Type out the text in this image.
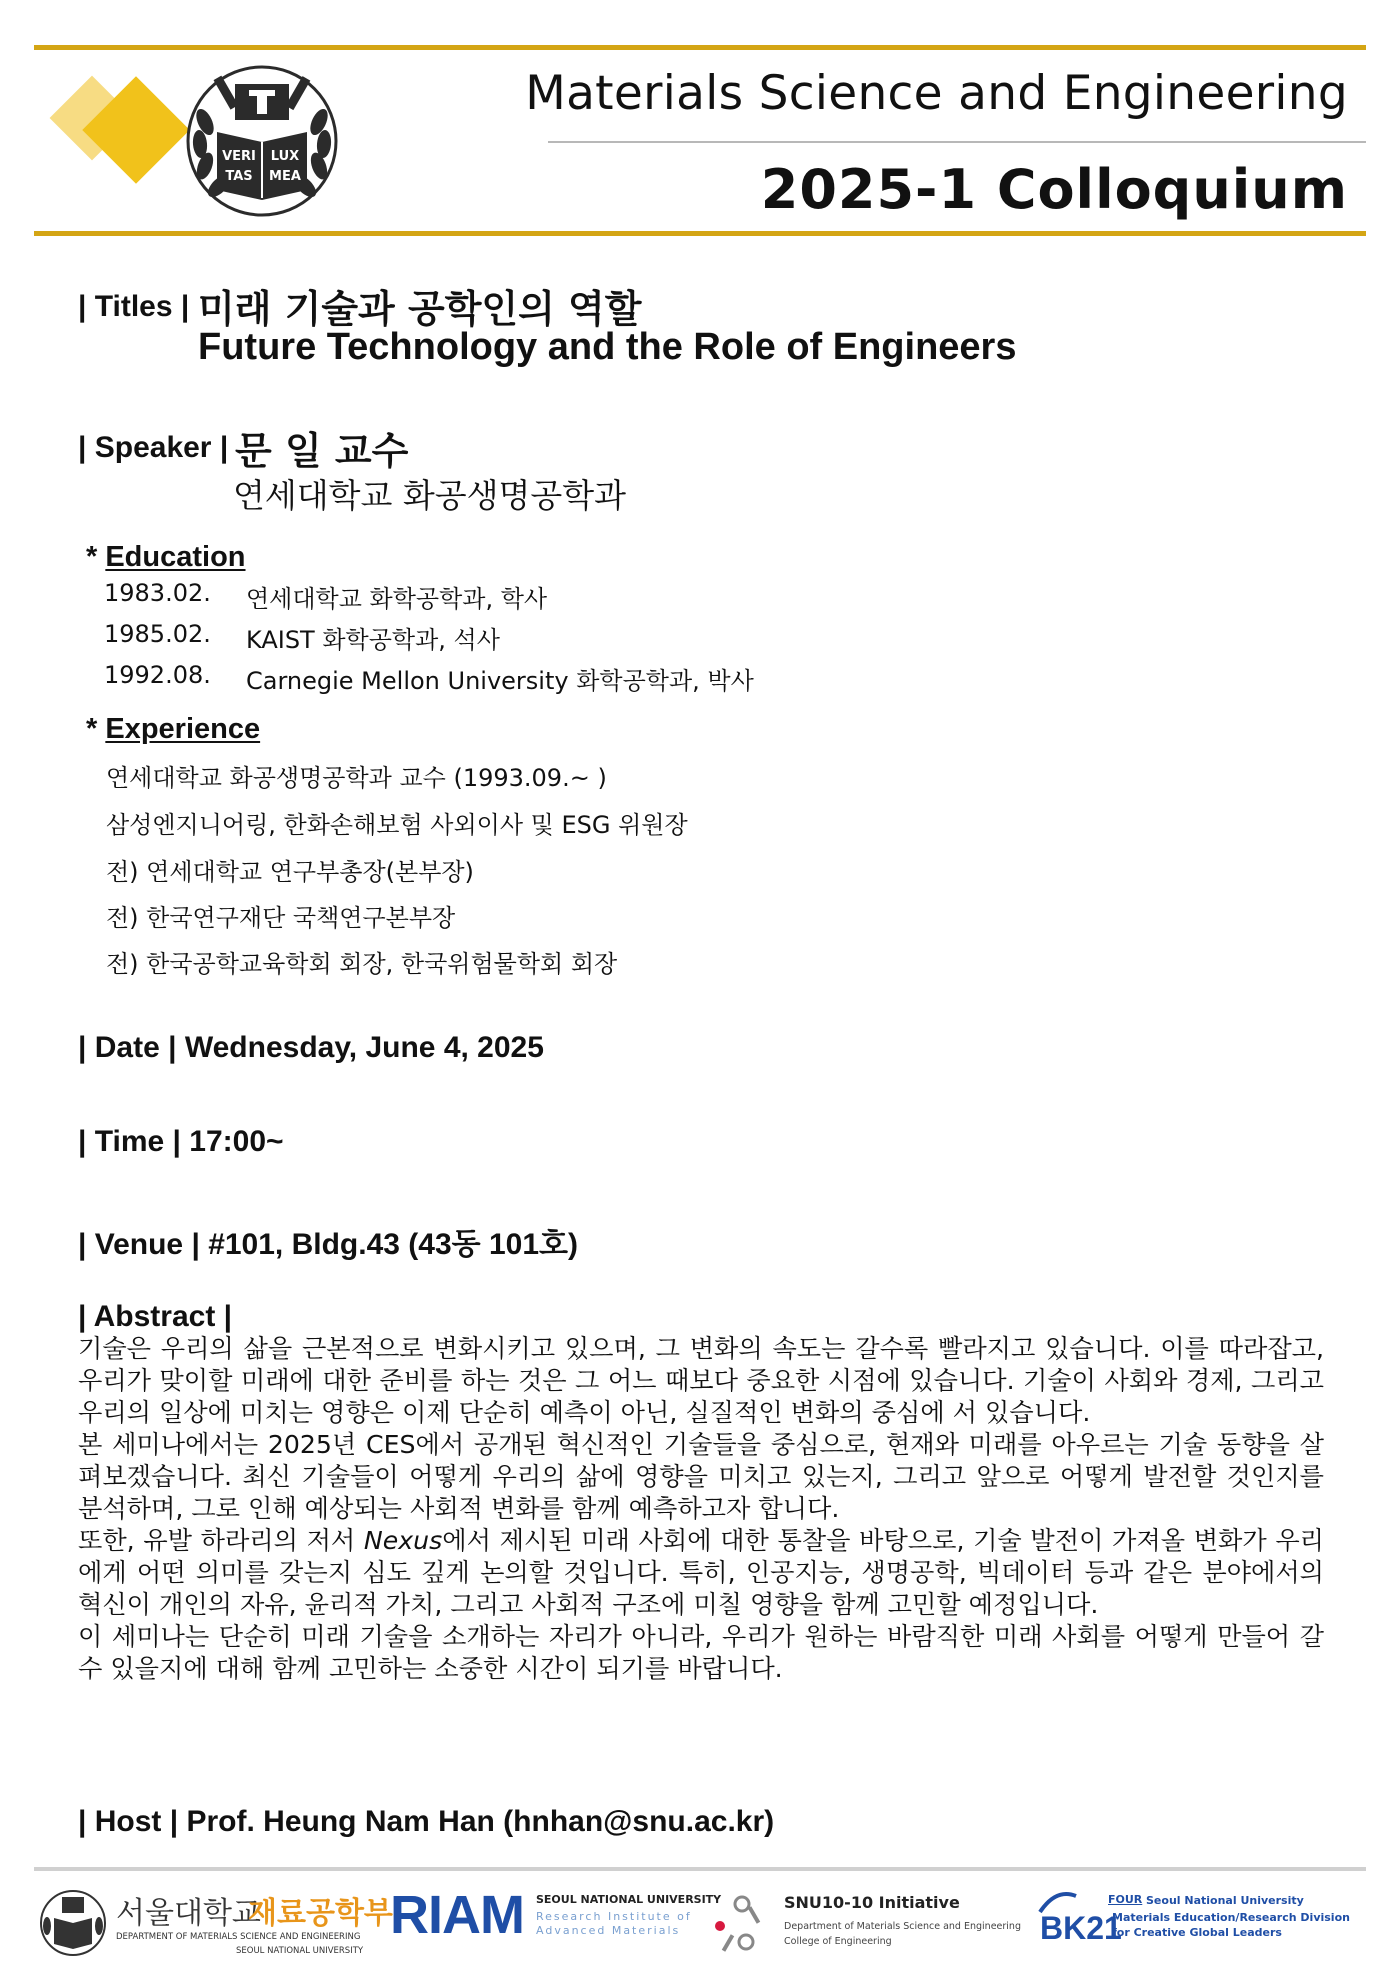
VERI LUX
TAS MEA
Materials Science and Engineering
2025-1 Colloquium
| Titles | 미래 기술과 공학인의 역할
Future Technology and the Role of Engineers
| Speaker | 문 일 교수
연세대학교 화공생명공학과
* Education
1983.02. 연세대학교 화학공학과, 학사
1985.02. KAIST 화학공학과, 석사
1992.08. Carnegie Mellon University 화학공학과, 박사
* Experience
연세대학교 화공생명공학과 교수 (1993.09.~ )
삼성엔지니어링, 한화손해보험 사외이사 및 ESG 위원장
전) 연세대학교 연구부총장(본부장)
전) 한국연구재단 국책연구본부장
전) 한국공학교육학회 회장, 한국위험물학회 회장
| Date | Wednesday, June 4, 2025
| Time | 17:00~
| Venue | #101, Bldg.43 (43동 101호)
| Abstract |

기술은 우리의 삶을 근본적으로 변화시키고 있으며, 그 변화의 속도는 갈수록 빨라지고 있습니다. 이를 따라잡고, 우리가 맞이할 미래에 대한 준비를 하는 것은 그 어느 때보다 중요한 시점에 있습니다. 기술이 사회와 경제, 그리고 우리의 일상에 미치는 영향은 이제 단순히 예측이 아닌, 실질적인 변화의 중심에 서 있습니다.

본 세미나에서는 2025년 CES에서 공개된 혁신적인 기술들을 중심으로, 현재와 미래를 아우르는 기술 동향을 살펴보겠습니다. 최신 기술들이 어떻게 우리의 삶에 영향을 미치고 있는지, 그리고 앞으로 어떻게 발전할 것인지를 분석하며, 그로 인해 예상되는 사회적 변화를 함께 예측하고자 합니다.

또한, 유발 하라리의 저서 Nexus에서 제시된 미래 사회에 대한 통찰을 바탕으로, 기술 발전이 가져올 변화가 우리에게 어떤 의미를 갖는지 심도 깊게 논의할 것입니다. 특히, 인공지능, 생명공학, 빅데이터 등과 같은 분야에서의 혁신이 개인의 자유, 윤리적 가치, 그리고 사회적 구조에 미칠 영향을 함께 고민할 예정입니다.

이 세미나는 단순히 미래 기술을 소개하는 자리가 아니라, 우리가 원하는 바람직한 미래 사회를 어떻게 만들어 갈 수 있을지에 대해 함께 고민하는 소중한 시간이 되기를 바랍니다.

| Host | Prof. Heung Nam Han (hnhan@snu.ac.kr)
서울대학교
재료공학부
DEPARTMENT OF MATERIALS SCIENCE AND ENGINEERING
SEOUL NATIONAL UNIVERSITY
RIAM SEOUL NATIONAL UNIVERSITY
Research Institute of
Advanced Materials
SNU10-10 Initiative
Department of Materials Science and Engineering
College of Engineering
FOUR
BK21
Seoul National University
Materials Education/Research Division
for Creative Global Leaders
